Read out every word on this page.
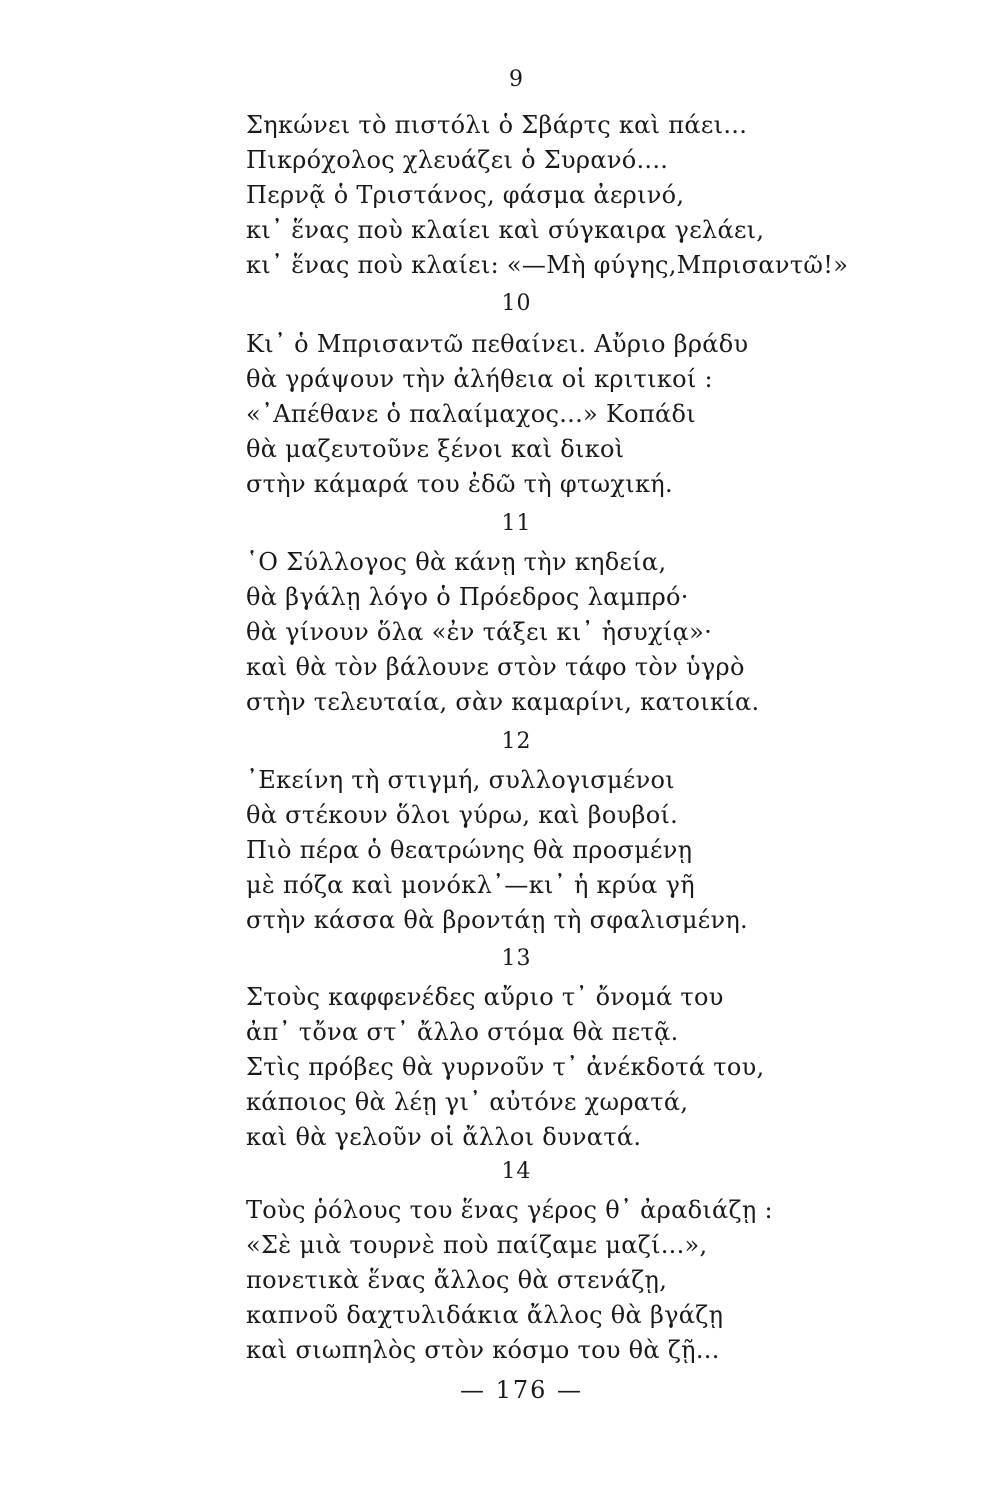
9
Σηκώνει τὸ πιστόλι ὁ Σβάρτς καὶ πάει...
Πικρόχολος χλευάζει ὁ Συρανό....
Περνᾷ ὁ Τριστάνος, φάσμα ἀερινό,
κι᾽ ἕνας ποὺ κλαίει καὶ σύγκαιρα γελάει,
κι᾽ ἕνας ποὺ κλαίει: «—Μὴ φύγης,Μπρισαντῶ!»
10
Κι᾽ ὁ Μπρισαντῶ πεθαίνει. Αὔριο βράδυ
θὰ γράψουν τὴν ἀλήθεια οἱ κριτικοί :
«᾿Απέθανε ὁ παλαίμαχος...» Κοπάδι
θὰ μαζευτοῦνε ξένοι καὶ δικοὶ
στὴν κάμαρά του ἐδῶ τὴ φτωχική.
11
῾Ο Σύλλογος θὰ κάνῃ τὴν κηδεία,
θὰ βγάλῃ λόγο ὁ Πρόεδρος λαμπρό·
θὰ γίνουν ὅλα «ἐν τάξει κι᾽ ἡσυχίᾳ»·
καὶ θὰ τὸν βάλουνε στὸν τάφο τὸν ὑγρὸ
στὴν τελευταία, σὰν καμαρίνι, κατοικία.
12
᾿Εκείνη τὴ στιγμή, συλλογισμένοι
θὰ στέκουν ὅλοι γύρω, καὶ βουβοί.
Πιὸ πέρα ὁ θεατρώνης θὰ προσμένῃ
μὲ πόζα καὶ μονόκλ᾽—κι᾽ ἡ κρύα γῆ
στὴν κάσσα θὰ βροντάῃ τὴ σφαλισμένη.
13
Στοὺς καφφενέδες αὔριο τ᾽ ὄνομά του
ἀπ᾽ τὄνα στ᾽ ἄλλο στόμα θὰ πετᾷ.
Στὶς πρόβες θὰ γυρνοῦν τ᾽ ἀνέκδοτά του,
κάποιος θὰ λέῃ γι᾽ αὐτόνε χωρατά,
καὶ θὰ γελοῦν οἱ ἄλλοι δυνατά.
14
Τοὺς ῥόλους του ἕνας γέρος θ᾽ ἀραδιάζῃ :
«Σὲ μιὰ τουρνὲ ποὺ παίζαμε μαζί...»,
πονετικὰ ἕνας ἄλλος θὰ στενάζῃ,
καπνοῦ δαχτυλιδάκια ἄλλος θὰ βγάζῃ
καὶ σιωπηλὸς στὸν κόσμο του θὰ ζῇ...
— 176 —
